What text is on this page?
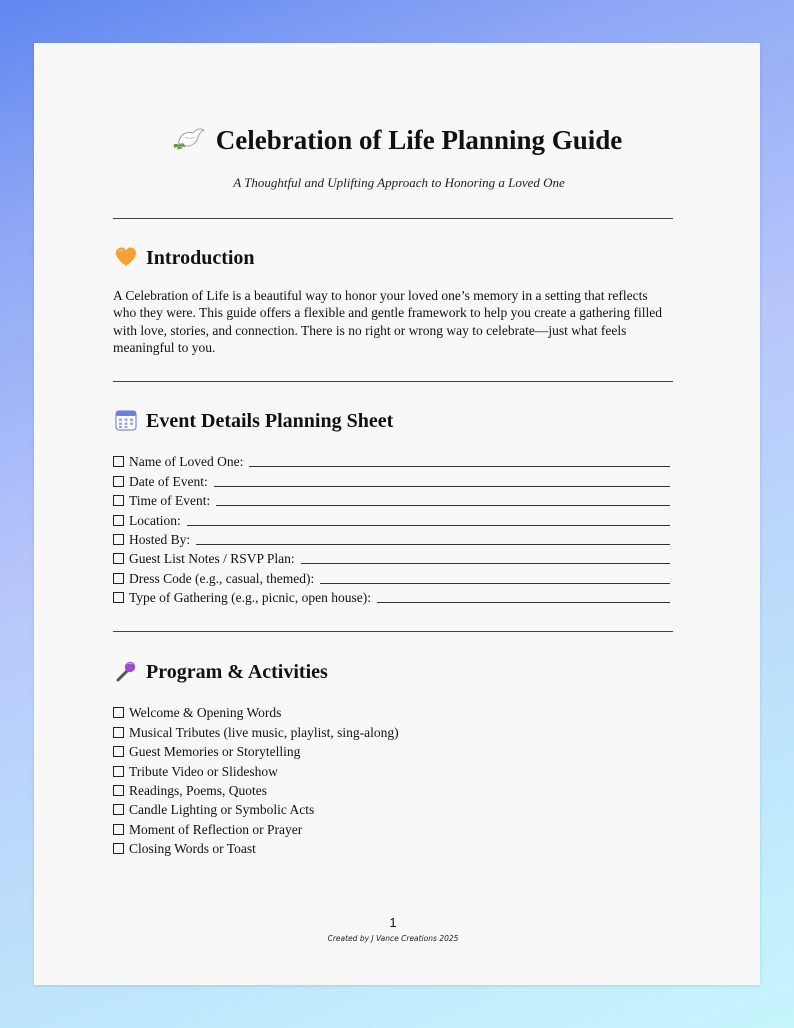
Celebration of Life Planning Guide
A Thoughtful and Uplifting Approach to Honoring a Loved One
Introduction
A Celebration of Life is a beautiful way to honor your loved one’s memory in a setting that reflects who they were. This guide offers a flexible and gentle framework to help you create a gathering filled with love, stories, and connection. There is no right or wrong way to celebrate—just what feels meaningful to you.
Event Details Planning Sheet
Name of Loved One:
Date of Event:
Time of Event:
Location:
Hosted By:
Guest List Notes / RSVP Plan:
Dress Code (e.g., casual, themed):
Type of Gathering (e.g., picnic, open house):
Program & Activities
Welcome & Opening Words
Musical Tributes (live music, playlist, sing-along)
Guest Memories or Storytelling
Tribute Video or Slideshow
Readings, Poems, Quotes
Candle Lighting or Symbolic Acts
Moment of Reflection or Prayer
Closing Words or Toast
1
Created by J Vance Creations 2025
